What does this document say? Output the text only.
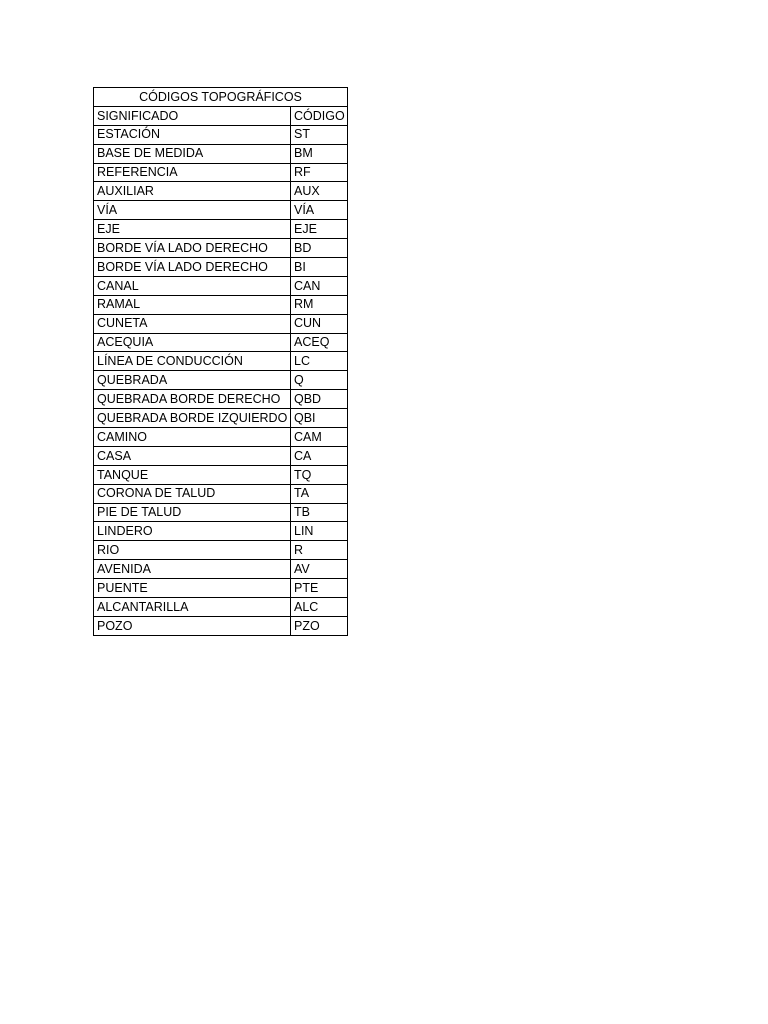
CÓDIGOS TOPOGRÁFICOS	
SIGNIFICADO	CÓDIGO
ESTACIÓN	ST
BASE DE MEDIDA	BM
REFERENCIA	RF
AUXILIAR	AUX
VÍA	VÍA
EJE	EJE
BORDE VÍA LADO DERECHO	BD
BORDE VÍA LADO DERECHO	BI
CANAL	CAN
RAMAL	RM
CUNETA	CUN
ACEQUIA	ACEQ
LÍNEA DE CONDUCCIÓN	LC
QUEBRADA	Q
QUEBRADA BORDE DERECHO	QBD
QUEBRADA BORDE IZQUIERDO	QBI
CAMINO	CAM
CASA	CA
TANQUE	TQ
CORONA DE TALUD	TA
PIE DE TALUD	TB
LINDERO	LIN
RIO	R
AVENIDA	AV
PUENTE	PTE
ALCANTARILLA	ALC
POZO	PZO
